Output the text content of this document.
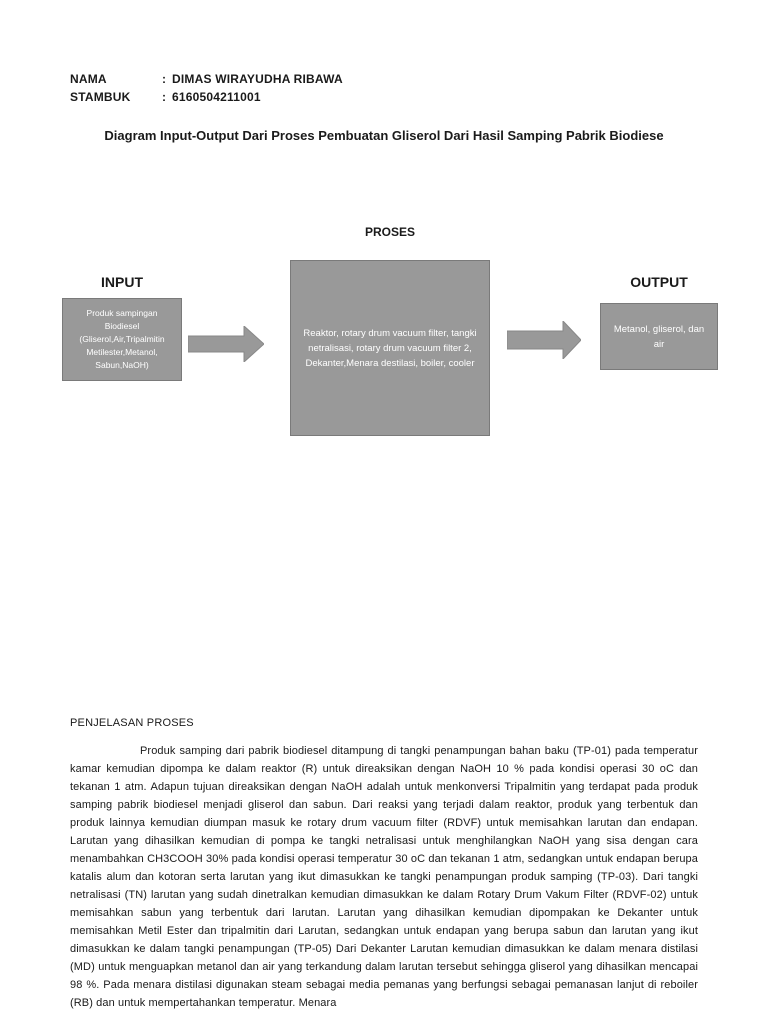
NAMA	: DIMAS WIRAYUDHA RIBAWA
STAMBUK	: 6160504211001
Diagram Input-Output Dari Proses Pembuatan Gliserol Dari Hasil Samping Pabrik Biodiese
PROSES
INPUT	OUTPUT
Produk sampingan Biodiesel (Gliserol,Air,Tripalmitin Metilester,Metanol, Sabun,NaOH)
Reaktor, rotary drum vacuum filter, tangki netralisasi, rotary drum vacuum filter 2, Dekanter,Menara destilasi, boiler, cooler
Metanol, gliserol, dan air
PENJELASAN PROSES
Produk samping dari pabrik biodiesel ditampung di tangki penampungan bahan baku (TP-01) pada temperatur kamar kemudian dipompa ke dalam reaktor (R) untuk direaksikan dengan NaOH 10 % pada kondisi operasi 30 oC dan tekanan 1 atm. Adapun tujuan direaksikan dengan NaOH adalah untuk menkonversi Tripalmitin yang terdapat pada produk samping pabrik biodiesel menjadi gliserol dan sabun. Dari reaksi yang terjadi dalam reaktor, produk yang terbentuk dan produk lainnya kemudian diumpan masuk ke rotary drum vacuum filter (RDVF) untuk memisahkan larutan dan endapan. Larutan yang dihasilkan kemudian di pompa ke tangki netralisasi untuk menghilangkan NaOH yang sisa dengan cara menambahkan CH3COOH 30% pada kondisi operasi temperatur 30 oC dan tekanan 1 atm, sedangkan untuk endapan berupa katalis alum dan kotoran serta larutan yang ikut dimasukkan ke tangki penampungan produk samping (TP-03). Dari tangki netralisasi (TN) larutan yang sudah dinetralkan kemudian dimasukkan ke dalam Rotary Drum Vakum Filter (RDVF-02) untuk memisahkan sabun yang terbentuk dari larutan. Larutan yang dihasilkan kemudian dipompakan ke Dekanter untuk memisahkan Metil Ester dan tripalmitin dari Larutan, sedangkan untuk endapan yang berupa sabun dan larutan yang ikut dimasukkan ke dalam tangki penampungan (TP-05) Dari Dekanter Larutan kemudian dimasukkan ke dalam menara distilasi (MD) untuk menguapkan metanol dan air yang terkandung dalam larutan tersebut sehingga gliserol yang dihasilkan mencapai 98 %. Pada menara distilasi digunakan steam sebagai media pemanas yang berfungsi sebagai pemanasan lanjut di reboiler (RB) dan untuk mempertahankan temperatur. Menara
